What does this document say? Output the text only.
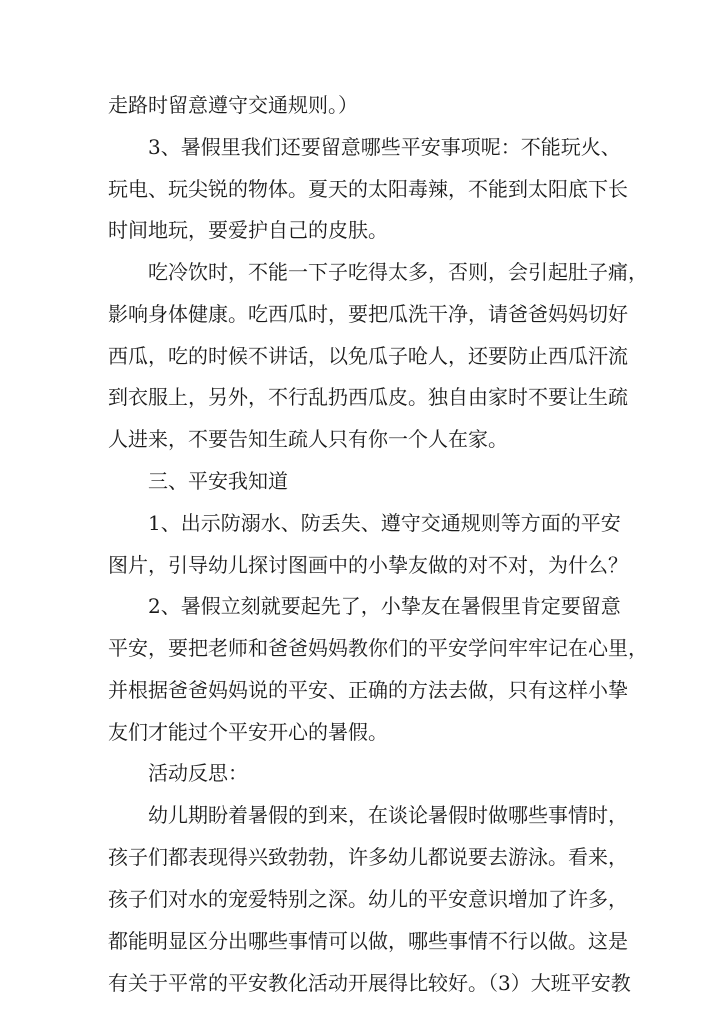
走路时留意遵守交通规则。）
3、暑假里我们还要留意哪些平安事项呢：不能玩火、
玩电、玩尖锐的物体。夏天的太阳毒辣，不能到太阳底下长
时间地玩，要爱护自己的皮肤。
吃冷饮时，不能一下子吃得太多，否则，会引起肚子痛，
影响身体健康。吃西瓜时，要把瓜洗干净，请爸爸妈妈切好
西瓜，吃的时候不讲话，以免瓜子呛人，还要防止西瓜汗流
到衣服上，另外，不行乱扔西瓜皮。独自由家时不要让生疏
人进来，不要告知生疏人只有你一个人在家。
三、平安我知道
1、出示防溺水、防丢失、遵守交通规则等方面的平安
图片，引导幼儿探讨图画中的小挚友做的对不对，为什么？
2、暑假立刻就要起先了，小挚友在暑假里肯定要留意
平安，要把老师和爸爸妈妈教你们的平安学问牢牢记在心里，
并根据爸爸妈妈说的平安、正确的方法去做，只有这样小挚
友们才能过个平安开心的暑假。
活动反思：
幼儿期盼着暑假的到来，在谈论暑假时做哪些事情时，
孩子们都表现得兴致勃勃，许多幼儿都说要去游泳。看来，
孩子们对水的宠爱特别之深。幼儿的平安意识增加了许多，
都能明显区分出哪些事情可以做，哪些事情不行以做。这是
有关于平常的平安教化活动开展得比较好。（3）大班平安教
